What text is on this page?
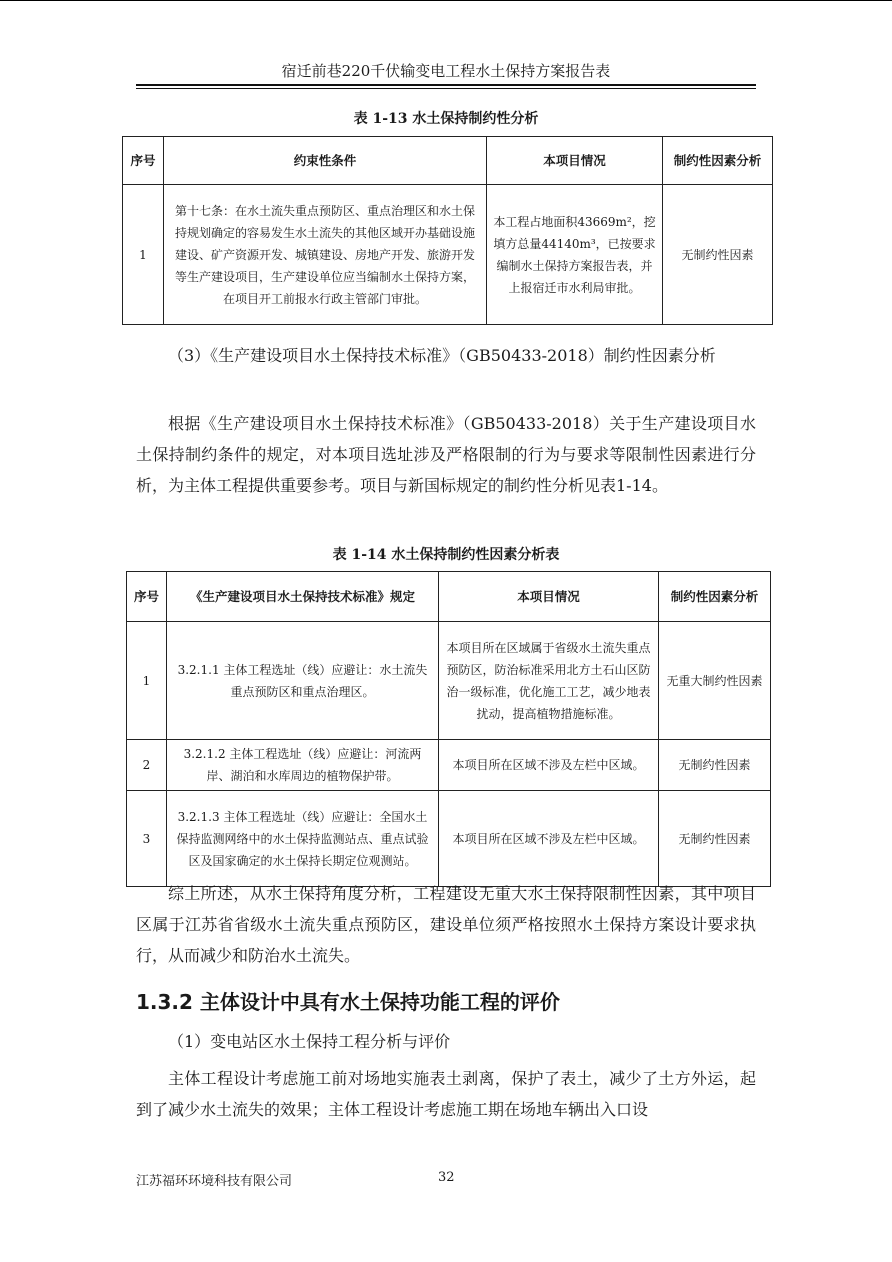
宿迁前巷220千伏输变电工程水土保持方案报告表
表 1-13 水土保持制约性分析
序号	约束性条件	本项目情况	制约性因素分析
1	第十七条：在水土流失重点预防区、重点治理区和水土保持规划确定的容易发生水土流失的其他区域开办基础设施建设、矿产资源开发、城镇建设、房地产开发、旅游开发等生产建设项目，生产建设单位应当编制水土保持方案，在项目开工前报水行政主管部门审批。	本工程占地面积43669m²，挖填方总量44140m³，已按要求编制水土保持方案报告表，并上报宿迁市水利局审批。	无制约性因素
（3）《生产建设项目水土保持技术标准》（GB50433-2018）制约性因素分析
根据《生产建设项目水土保持技术标准》（GB50433-2018）关于生产建设项目水土保持制约条件的规定，对本项目选址涉及严格限制的行为与要求等限制性因素进行分析，为主体工程提供重要参考。项目与新国标规定的制约性分析见表1-14。
表 1-14 水土保持制约性因素分析表
序号	《生产建设项目水土保持技术标准》规定	本项目情况	制约性因素分析
1	3.2.1.1 主体工程选址（线）应避让：水土流失重点预防区和重点治理区。	本项目所在区域属于省级水土流失重点预防区，防治标准采用北方土石山区防治一级标准，优化施工工艺，减少地表扰动，提高植物措施标准。	无重大制约性因素
2	3.2.1.2 主体工程选址（线）应避让：河流两岸、湖泊和水库周边的植物保护带。	本项目所在区域不涉及左栏中区域。	无制约性因素
3	3.2.1.3 主体工程选址（线）应避让：全国水土保持监测网络中的水土保持监测站点、重点试验区及国家确定的水土保持长期定位观测站。	本项目所在区域不涉及左栏中区域。	无制约性因素
综上所述，从水土保持角度分析，工程建设无重大水土保持限制性因素，其中项目区属于江苏省省级水土流失重点预防区，建设单位须严格按照水土保持方案设计要求执行，从而减少和防治水土流失。
1.3.2 主体设计中具有水土保持功能工程的评价
（1）变电站区水土保持工程分析与评价
主体工程设计考虑施工前对场地实施表土剥离，保护了表土，减少了土方外运，起到了减少水土流失的效果；主体工程设计考虑施工期在场地车辆出入口设
江苏福环环境科技有限公司	32
